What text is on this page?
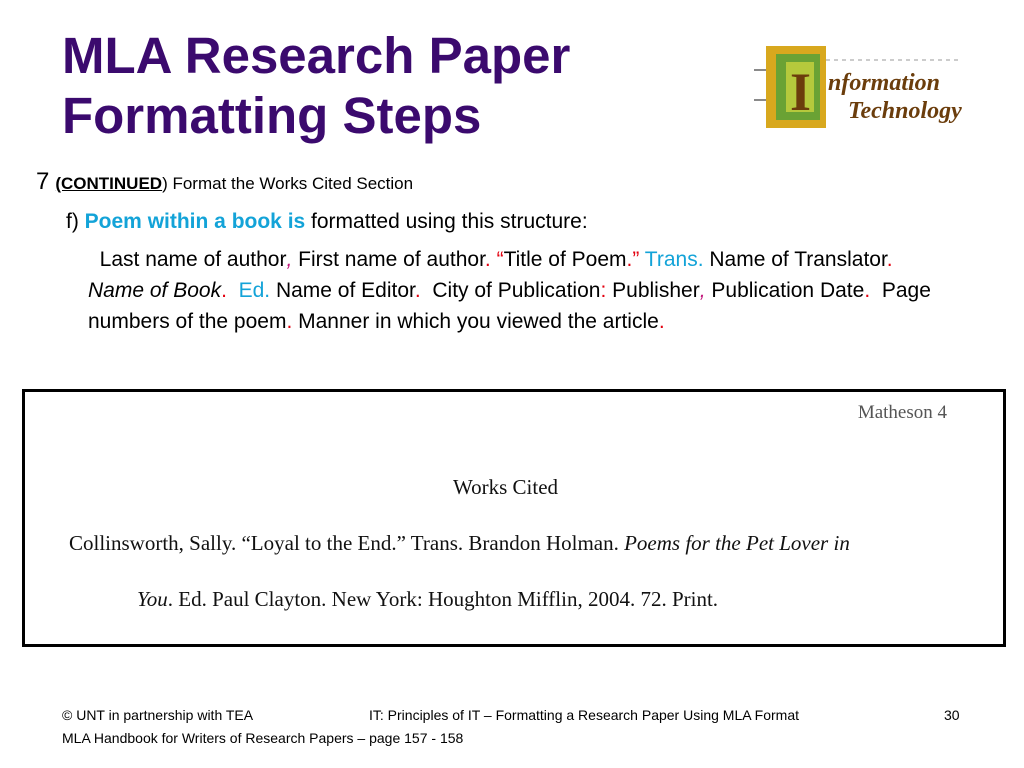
MLA Research Paper
Formatting Steps	I nformation
Technology
7 (CONTINUED) Format the Works Cited Section
f) Poem within a book is formatted using this structure:
Last name of author, First name of author. “Title of Poem.” Trans. Name of Translator.  Name of Book. Ed. Name of Editor. City of Publication: Publisher, Publication Date. Page numbers of the poem. Manner in which you viewed the article.
Matheson 4
Works Cited
Collinsworth, Sally. “Loyal to the End.” Trans. Brandon Holman. Poems for the Pet Lover in
You. Ed. Paul Clayton. New York: Houghton Mifflin, 2004. 72. Print.
© UNT in partnership with TEA	IT: Principles of IT – Formatting a Research Paper Using MLA Format	30
MLA Handbook for Writers of Research Papers – page 157 - 158
